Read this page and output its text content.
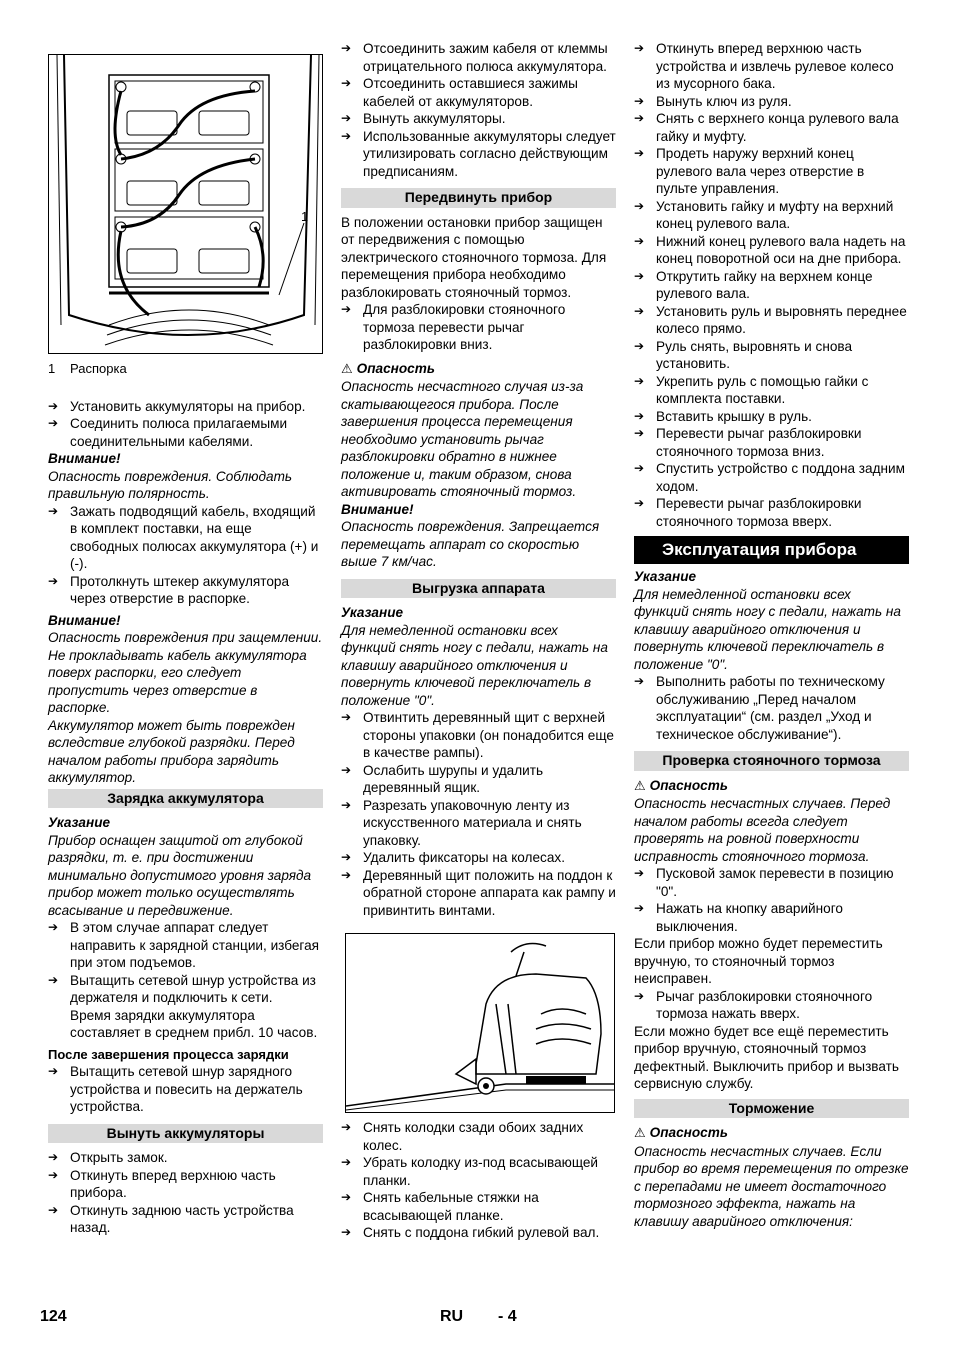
1
1 Распорка
➔ Установить аккумуляторы на прибор.
➔ Соединить полюса прилагаемыми соединительными кабелями.

Внимание!

Опасность повреждения. Соблюдать правильную полярность.

➔ Зажать подводящий кабель, входящий в комплект поставки, на еще свободных полюсах аккумулятора (+) и (-).
➔ Протолкнуть штекер аккумулятора через отверстие в распорке.

Внимание!

Опасность повреждения при защемлении. Не прокладывать кабель аккумулятора поверх распорки, его следует пропустить через отверстие в распорке.

Аккумулятор может быть поврежден вследствие глубокой разрядки. Перед началом работы прибора зарядить аккумулятор.

Зарядка аккумулятора

Указание

Прибор оснащен защитой от глубокой разрядки, т. е. при достижении минимально допустимого уровня заряда прибор может только осуществлять всасывание и передвижение.

➔ В этом случае аппарат следует направить к зарядной станции, избегая при этом подъемов.
➔ Вытащить сетевой шнур устройства из держателя и подключить к сети.

Время зарядки аккумулятора составляет в среднем прибл. 10 часов.

После завершения процесса зарядки

➔ Вытащить сетевой шнур зарядного устройства и повесить на держатель устройства.
Вынуть аккумуляторы
➔ Открыть замок.
➔ Откинуть вперед верхнюю часть прибора.
➔ Откинуть заднюю часть устройства назад.
➔ Отсоединить зажим кабеля от клеммы отрицательного полюса аккумулятора.
➔ Отсоединить оставшиеся зажимы кабелей от аккумуляторов.
➔ Вынуть аккумуляторы.
➔ Использованные аккумуляторы следует утилизировать согласно действующим предписаниям.
Передвинуть прибор

В положении остановки прибор защищен от передвижения с помощью электрического стояночного тормоза. Для перемещения прибора необходимо разблокировать стояночный тормоз.

➔ Для разблокировки стояночного тормоза перевести рычаг разблокировки вниз.

⚠ Опасность

Опасность несчастного случая из-за скатывающегося прибора. После завершения процесса перемещения необходимо установить рычаг разблокировки обратно в нижнее положение и, таким образом, снова активировать стояночный тормоз.

Внимание!

Опасность повреждения. Запрещается перемещать аппарат со скоростью выше 7 км/час.

Выгрузка аппарата

Указание

Для немедленной остановки всех функций снять ногу с педали, нажать на клавишу аварийного отключения и повернуть ключевой переключатель в положение "0".

➔ Отвинтить деревянный щит с верхней стороны упаковки (он понадобится еще в качестве рампы).
➔ Ослабить шурупы и удалить деревянный ящик.
➔ Разрезать упаковочную ленту из искусственного материала и снять упаковку.
➔ Удалить фиксаторы на колесах.
➔ Деревянный щит положить на поддон к обратной стороне аппарата как рампу и привинтить винтами.
➔ Снять колодки сзади обоих задних колес.
➔ Убрать колодку из-под всасывающей планки.
➔ Снять кабельные стяжки на всасывающей планке.
➔ Снять с поддона гибкий рулевой вал.
➔ Откинуть вперед верхнюю часть устройства и извлечь рулевое колесо из мусорного бака.
➔ Вынуть ключ из руля.
➔ Снять с верхнего конца рулевого вала гайку и муфту.
➔ Продеть наружу верхний конец рулевого вала через отверстие в пульте управления.
➔ Установить гайку и муфту на верхний конец рулевого вала.
➔ Нижний конец рулевого вала надеть на конец поворотной оси на дне прибора.
➔ Открутить гайку на верхнем конце рулевого вала.
➔ Установить руль и выровнять переднее колесо прямо.
➔ Руль снять, выровнять и снова установить.
➔ Укрепить руль с помощью гайки с комплекта поставки.
➔ Вставить крышку в руль.
➔ Перевести рычаг разблокировки стояночного тормоза вниз.
➔ Спустить устройство с поддона задним ходом.
➔ Перевести рычаг разблокировки стояночного тормоза вверх.
Эксплуатация прибора

Указание

Для немедленной остановки всех функций снять ногу с педали, нажать на клавишу аварийного отключения и повернуть ключевой переключатель в положение "0".

➔ Выполнить работы по техническому обслуживанию „Перед началом эксплуатации“ (см. раздел „Уход и техническое обслуживание“).
Проверка стояночного тормоза

⚠ Опасность

Опасность несчастных случаев. Перед началом работы всегда следует проверять на ровной поверхности исправность стояночного тормоза.

➔ Пусковой замок перевести в позицию "0".
➔ Нажать на кнопку аварийного выключения.

Если прибор можно будет переместить вручную, то стояночный тормоз неисправен.

➔ Рычаг разблокировки стояночного тормоза нажать вверх.

Если можно будет все ещё переместить прибор вручную, стояночный тормоз дефектный. Выключить прибор и вызвать сервисную службу.

Торможение

⚠ Опасность

Опасность несчастных случаев. Если прибор во время перемещения по отрезке с перепадами не имеет достаточного тормозного эффекта, нажать на клавишу аварийного отключения:

124	RU - 4
